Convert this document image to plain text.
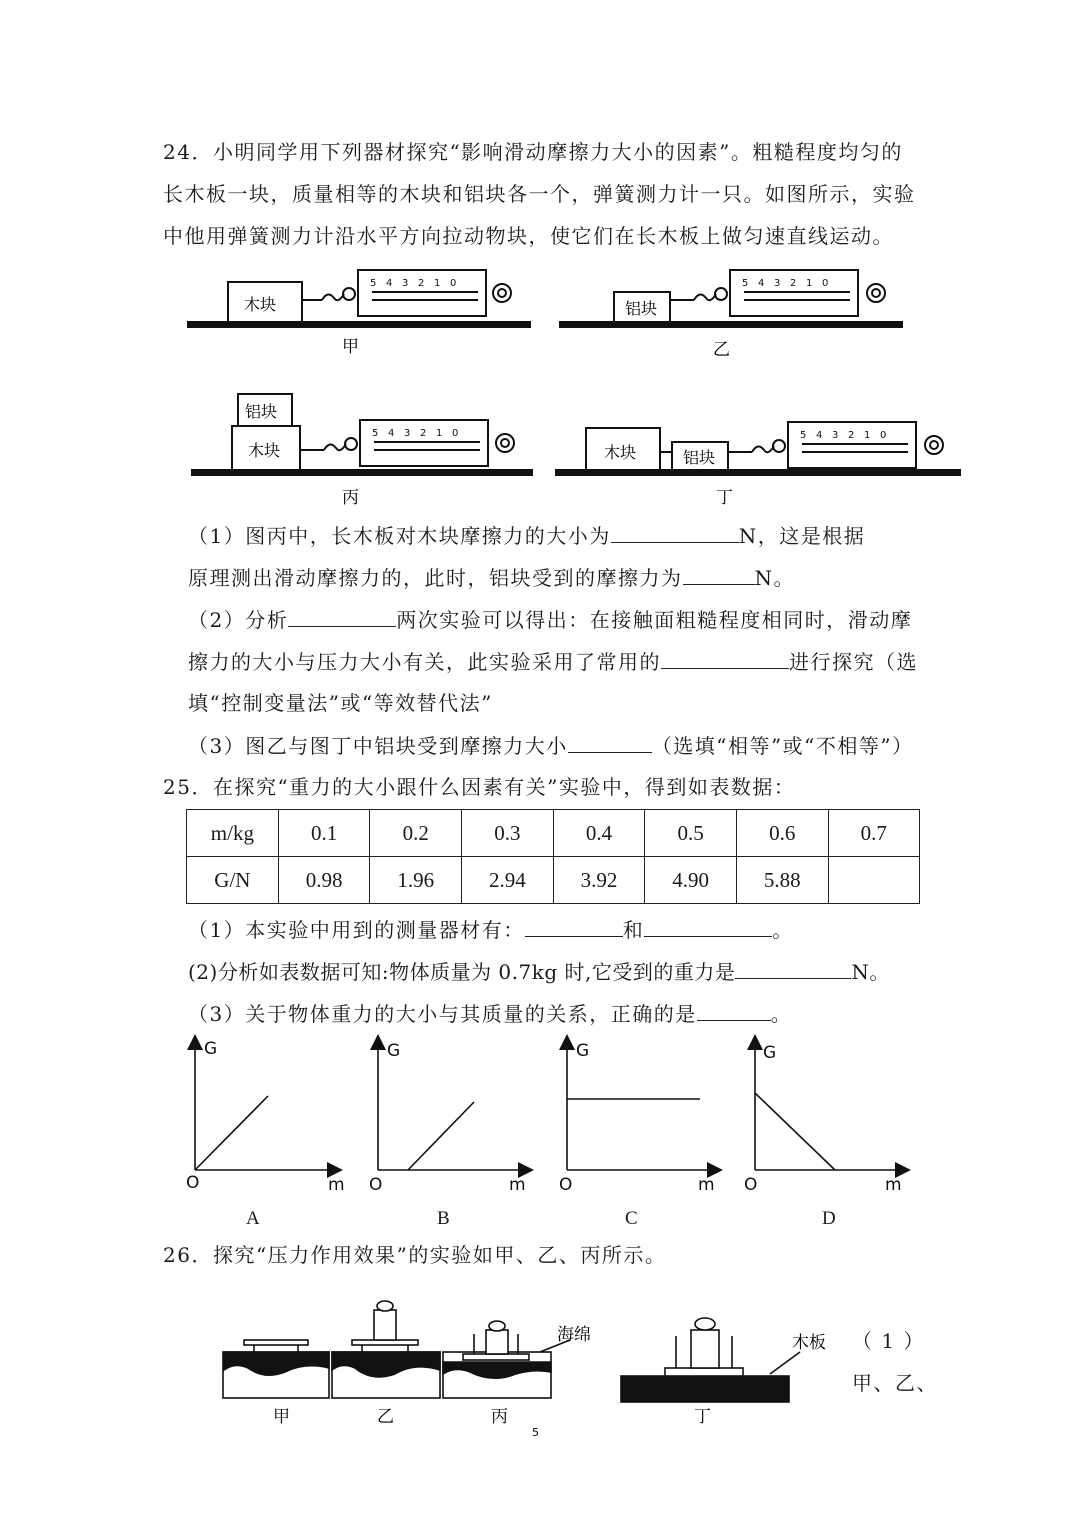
24．小明同学用下列器材探究“影响滑动摩擦力大小的因素”。粗糙程度均匀的
长木板一块，质量相等的木块和铝块各一个，弹簧测力计一只。如图所示，实验
中他用弹簧测力计沿水平方向拉动物块，使它们在长木板上做匀速直线运动。
木块	铝块
铝块
木块	木块	铝块
5 4 3 2 1 0	5 4 3 2 1 0
5 4 3 2 1 0	5 4 3 2 1 0
甲	乙
丙	丁
（1）图丙中，长木板对木块摩擦力的大小为	N，这是根据
原理测出滑动摩擦力的，此时，铝块受到的摩擦力为	N。
（2）分析	两次实验可以得出：在接触面粗糙程度相同时，滑动摩
擦力的大小与压力大小有关，此实验采用了常用的	进行探究（选
填“控制变量法”或“等效替代法”
（3）图乙与图丁中铝块受到摩擦力大小	（选填“相等”或“不相等”）
25．在探究“重力的大小跟什么因素有关”实验中，得到如表数据：
m/kg	0.1	0.2	0.3	0.4	0.5	0.6	0.7
G/N	0.98	1.96	2.94	3.92	4.90	5.88	
（1）本实验中用到的测量器材有：	和	。
(2)分析如表数据可知:物体质量为 0.7kg 时,它受到的重力是	N。
（3）关于物体重力的大小与其质量的关系，正确的是	。
G
O	m
G
O	m
G
O	m
G
O	m
A	B	C	D
26．探究“压力作用效果”的实验如甲、乙、丙所示。
海绵	木板
甲	乙	丙	丁
5
（ 1 ）
甲、乙、
